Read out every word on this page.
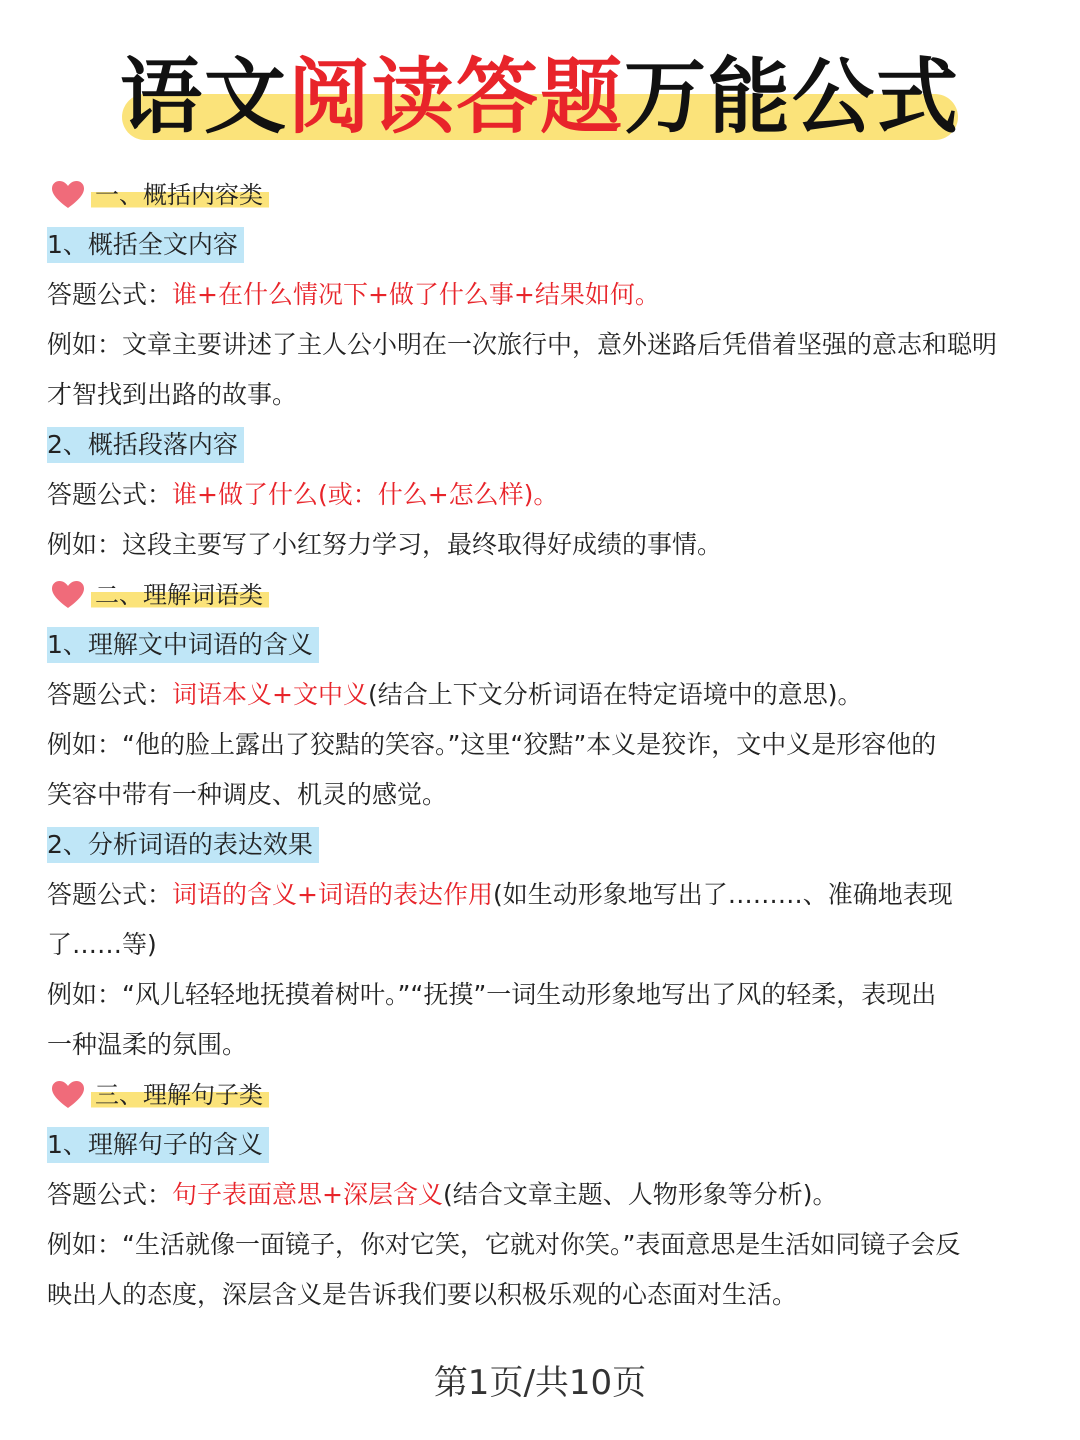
语文阅读答题万能公式
一、概括内容类
1、概括全文内容
答题公式：谁+在什么情况下+做了什么事+结果如何。
例如：文章主要讲述了主人公小明在一次旅行中，意外迷路后凭借着坚强的意志和聪明
才智找到出路的故事。
2、概括段落内容
答题公式：谁+做了什么(或：什么+怎么样)。
例如：这段主要写了小红努力学习，最终取得好成绩的事情。
二、理解词语类
1、理解文中词语的含义
答题公式：词语本义+文中义(结合上下文分析词语在特定语境中的意思)。
例如：“他的脸上露出了狡黠的笑容。”这里“狡黠”本义是狡诈，文中义是形容他的
笑容中带有一种调皮、机灵的感觉。
2、分析词语的表达效果
答题公式：词语的含义+词语的表达作用(如生动形象地写出了………、准确地表现
了……等)
例如：“风儿轻轻地抚摸着树叶。”“抚摸”一词生动形象地写出了风的轻柔，表现出
一种温柔的氛围。
三、理解句子类
1、理解句子的含义
答题公式：句子表面意思+深层含义(结合文章主题、人物形象等分析)。
例如：“生活就像一面镜子，你对它笑，它就对你笑。”表面意思是生活如同镜子会反
映出人的态度，深层含义是告诉我们要以积极乐观的心态面对生活。
第1页/共10页
